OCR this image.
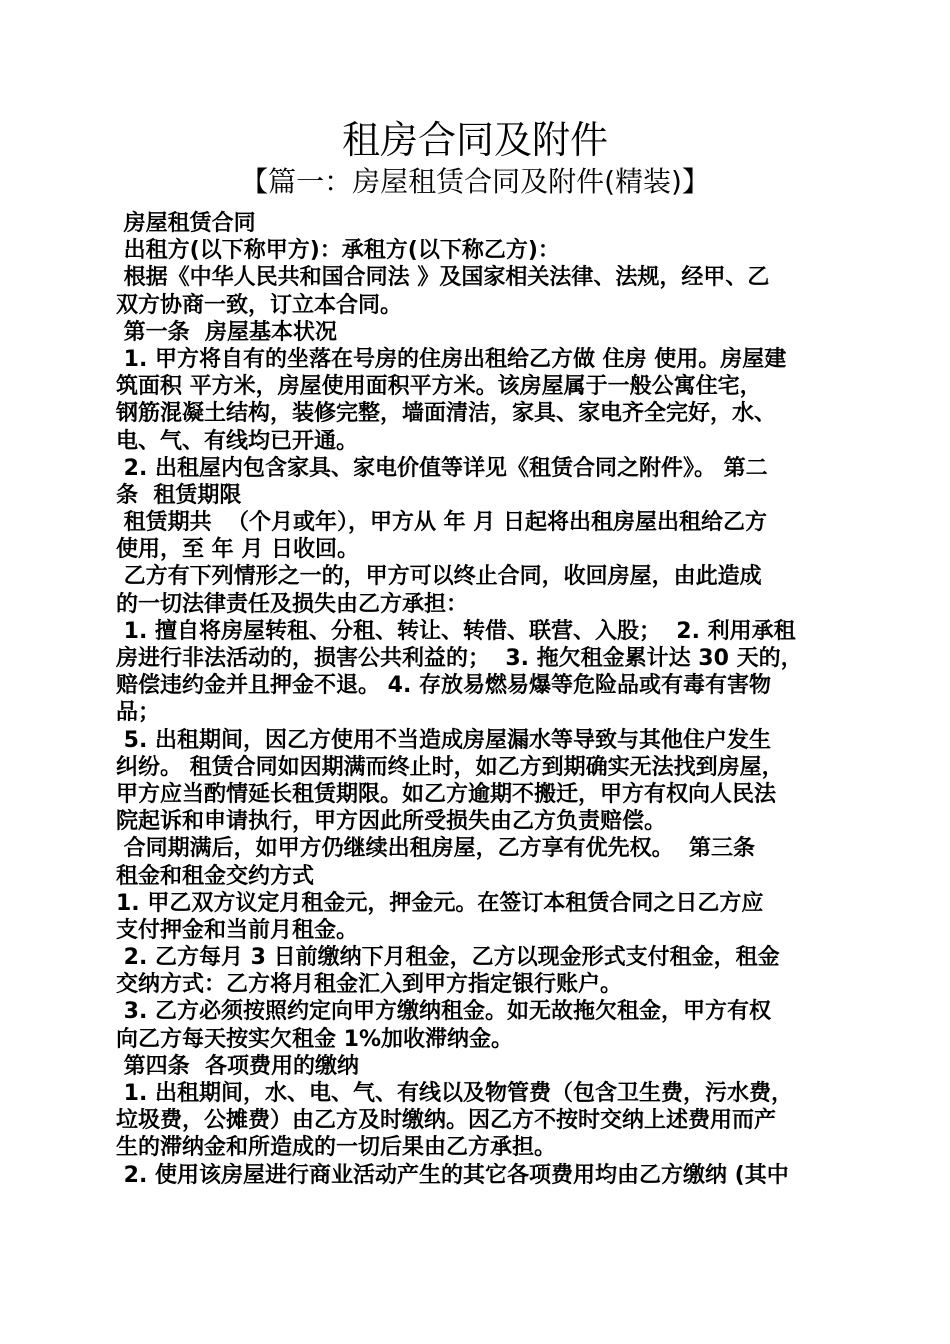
租房合同及附件
【篇一：房屋租赁合同及附件(精装)】
房屋租赁合同
出租方(以下称甲方)：承租方(以下称乙方)：
根据《中华人民共和国合同法 》及国家相关法律、法规，经甲、乙
双方协商一致，订立本合同。
第一条  房屋基本状况
1. 甲方将自有的坐落在号房的住房出租给乙方做 住房 使用。房屋建
筑面积 平方米，房屋使用面积平方米。该房屋属于一般公寓住宅，
钢筋混凝土结构，装修完整，墙面清洁，家具、家电齐全完好，水、
电、气、有线均已开通。
2. 出租屋内包含家具、家电价值等详见《租赁合同之附件》。 第二
条  租赁期限
租赁期共  （个月或年），甲方从 年 月 日起将出租房屋出租给乙方
使用，至 年 月 日收回。
乙方有下列情形之一的，甲方可以终止合同，收回房屋，由此造成
的一切法律责任及损失由乙方承担：
1. 擅自将房屋转租、分租、转让、转借、联营、入股；  2. 利用承租
房进行非法活动的，损害公共利益的；  3. 拖欠租金累计达 30 天的，
赔偿违约金并且押金不退。 4. 存放易燃易爆等危险品或有毒有害物
品；
5. 出租期间，因乙方使用不当造成房屋漏水等导致与其他住户发生
纠纷。 租赁合同如因期满而终止时，如乙方到期确实无法找到房屋，
甲方应当酌情延长租赁期限。如乙方逾期不搬迁，甲方有权向人民法
院起诉和申请执行，甲方因此所受损失由乙方负责赔偿。
合同期满后，如甲方仍继续出租房屋，乙方享有优先权。  第三条
租金和租金交约方式
1. 甲乙双方议定月租金元，押金元。在签订本租赁合同之日乙方应
支付押金和当前月租金。
2. 乙方每月 3 日前缴纳下月租金，乙方以现金形式支付租金，租金
交纳方式：乙方将月租金汇入到甲方指定银行账户。
3. 乙方必须按照约定向甲方缴纳租金。如无故拖欠租金，甲方有权
向乙方每天按实欠租金 1%加收滞纳金。
第四条  各项费用的缴纳
1. 出租期间，水、电、气、有线以及物管费（包含卫生费，污水费，
垃圾费，公摊费）由乙方及时缴纳。因乙方不按时交纳上述费用而产
生的滞纳金和所造成的一切后果由乙方承担。
2. 使用该房屋进行商业活动产生的其它各项费用均由乙方缴纳 (其中
